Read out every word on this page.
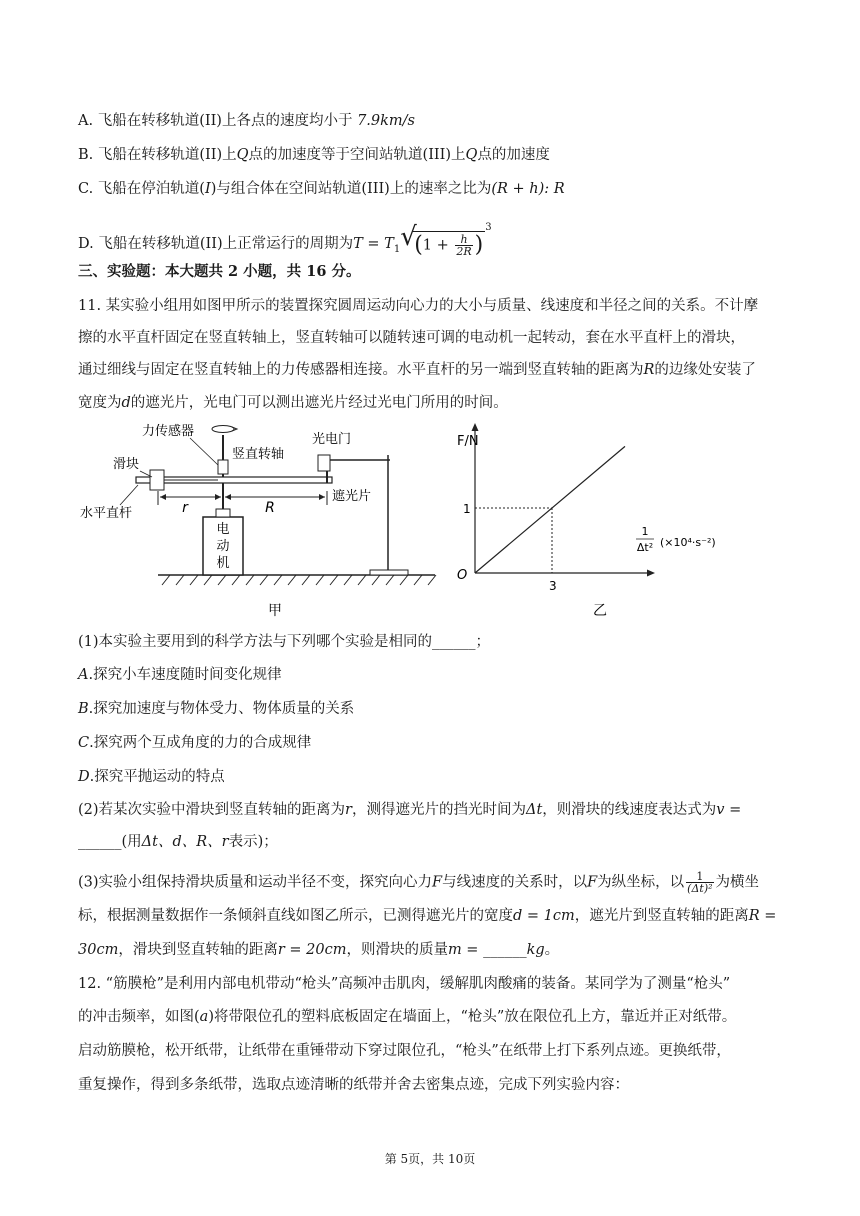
A. 飞船在转移轨道(II)上各点的速度均小于 7.9km/s
B. 飞船在转移轨道(II)上Q点的加速度等于空间站轨道(III)上Q点的加速度
C. 飞船在停泊轨道(I)与组合体在空间站轨道(III)上的速率之比为(R + h): R
D. 飞船在转移轨道(II)上正常运行的周期为$T = T_1$ √
$(1 + \frac{h}{2R} )^3$
三、实验题：本大题共 2 小题，共 16 分。
11. 某实验小组用如图甲所示的装置探究圆周运动向心力的大小与质量、线速度和半径之间的关系。不计摩
擦的水平直杆固定在竖直转轴上，竖直转轴可以随转速可调的电动机一起转动，套在水平直杆上的滑块，
通过细线与固定在竖直转轴上的力传感器相连接。水平直杆的另一端到竖直转轴的距离为R的边缘处安装了
宽度为d的遮光片，光电门可以测出遮光片经过光电门所用的时间。
电
动
机
r	R
力传感器
竖直转轴
光电门
滑块
遮光片
水平直杆
甲
F/N
1
O
3
1
Δt² (×10⁴·s⁻²)
乙
(1)本实验主要用到的科学方法与下列哪个实验是相同的______；
A.探究小车速度随时间变化规律
B.探究加速度与物体受力、物体质量的关系
C.探究两个互成角度的力的合成规律
D.探究平抛运动的特点
(2)若某次实验中滑块到竖直转轴的距离为r，测得遮光片的挡光时间为Δt，则滑块的线速度表达式为v =
______(用Δt、d、R、r表示)；
(3)实验小组保持滑块质量和运动半径不变，探究向心力F与线速度的关系时，以F为纵坐标，以 $\frac{1}{\text{(Δt)²}}$ 为横坐
标，根据测量数据作一条倾斜直线如图乙所示，已测得遮光片的宽度d = 1cm，遮光片到竖直转轴的距离R =
30cm，滑块到竖直转轴的距离r = 20cm，则滑块的质量m = ______kg。
12. “筋膜枪”是利用内部电机带动“枪头”高频冲击肌肉，缓解肌肉酸痛的装备。某同学为了测量“枪头”
的冲击频率，如图(a)将带限位孔的塑料底板固定在墙面上，“枪头”放在限位孔上方，靠近并正对纸带。
启动筋膜枪，松开纸带，让纸带在重锤带动下穿过限位孔，“枪头”在纸带上打下系列点迹。更换纸带，
重复操作，得到多条纸带，选取点迹清晰的纸带并舍去密集点迹，完成下列实验内容：
第 5页，共 10页
